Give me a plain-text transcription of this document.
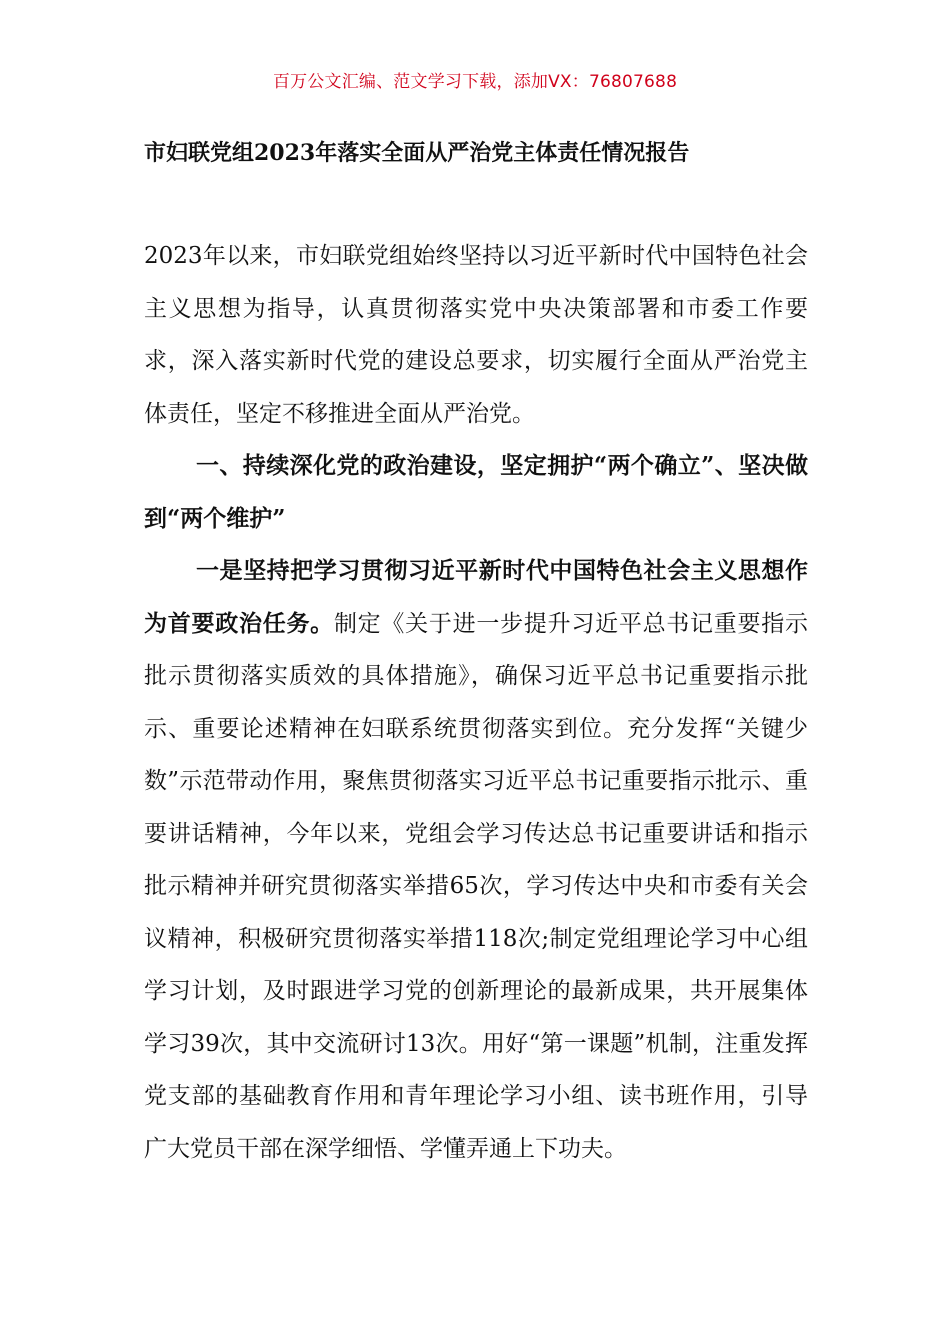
百万公文汇编、范文学习下载，添加VX：76807688
市妇联党组2023年落实全面从严治党主体责任情况报告

2023年以来，市妇联党组始终坚持以习近平新时代中国特色社会主义思想为指导，认真贯彻落实党中央决策部署和市委工作要求，深入落实新时代党的建设总要求，切实履行全面从严治党主体责任，坚定不移推进全面从严治党。

一、持续深化党的政治建设，坚定拥护“两个确立”、坚决做到“两个维护”

一是坚持把学习贯彻习近平新时代中国特色社会主义思想作为首要政治任务。制定《关于进一步提升习近平总书记重要指示批示贯彻落实质效的具体措施》，确保习近平总书记重要指示批示、重要论述精神在妇联系统贯彻落实到位。充分发挥“关键少数”示范带动作用，聚焦贯彻落实习近平总书记重要指示批示、重要讲话精神，今年以来，党组会学习传达总书记重要讲话和指示批示精神并研究贯彻落实举措65次，学习传达中央和市委有关会议精神，积极研究贯彻落实举措118次;制定党组理论学习中心组学习计划，及时跟进学习党的创新理论的最新成果，共开展集体学习39次，其中交流研讨13次。用好“第一课题”机制，注重发挥党支部的基础教育作用和青年理论学习小组、读书班作用，引导广大党员干部在深学细悟、学懂弄通上下功夫。
